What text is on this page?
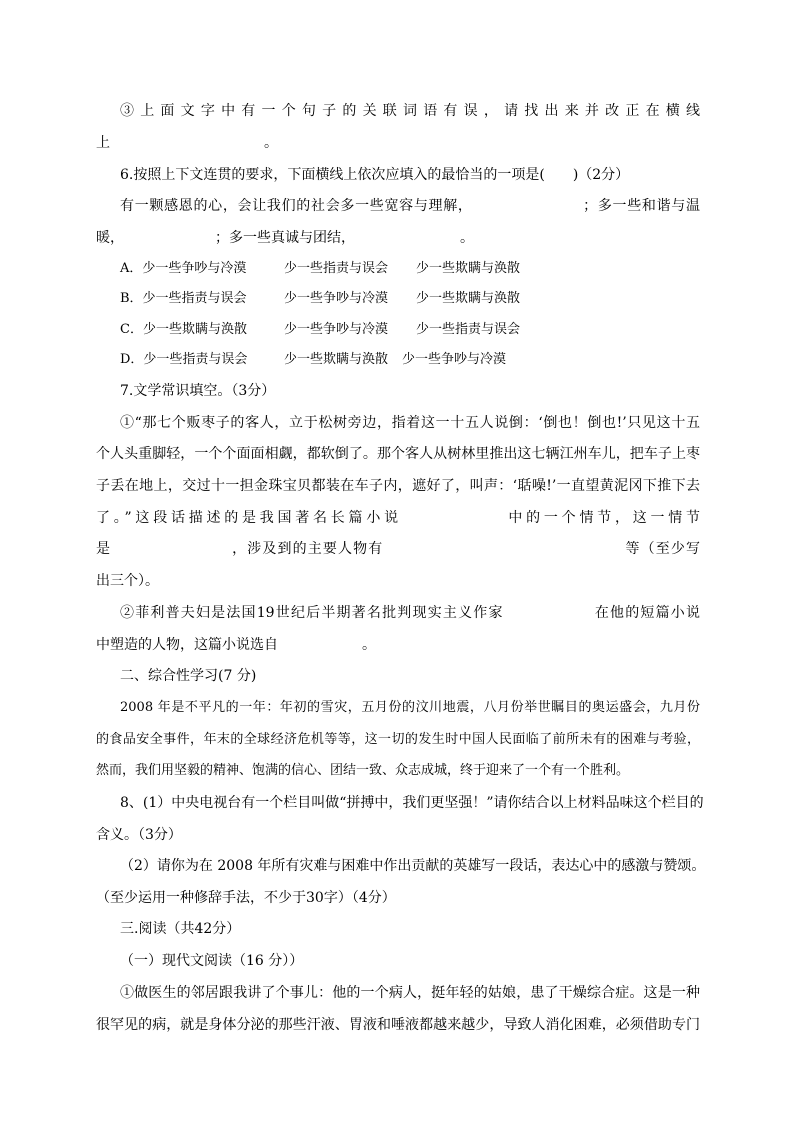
③上面文字中有一个句子的关联词语有误，请找出来并改正在横线
上　　　　　　　　　　　。
6.按照上下文连贯的要求，下面横线上依次应填入的最恰当的一项是(　　)（2分）
有一颗感恩的心，会让我们的社会多一些宽容与理解，　　　　　　　　；多一些和谐与温
暖，　　　　　　　；多一些真诚与团结，　　　　　　　　。
A．少一些争吵与冷漠	少一些指责与误会 少一些欺瞒与涣散
B．少一些指责与误会	少一些争吵与冷漠 少一些欺瞒与涣散
C．少一些欺瞒与涣散	少一些争吵与冷漠 少一些指责与误会
D．少一些指责与误会	少一些欺瞒与涣散 少一些争吵与冷漠
7.文学常识填空。（3分）
①“那七个贩枣子的客人，立于松树旁边，指着这一十五人说倒：‘倒也！倒也!’只见这十五
个人头重脚轻，一个个面面相觑，都软倒了。那个客人从树林里推出这七辆江州车儿，把车子上枣
子丢在地上，交过十一担金珠宝贝都装在车子内，遮好了，叫声：‘聒噪!’一直望黄泥冈下推下去
了。”这段话描述的是我国著名长篇小说　　　　　　中的一个情节，这一情节
是　　　　　　　　，涉及到的主要人物有　　　　　　　　　　　　　　　　等（至少写
出三个）。
②菲利普夫妇是法国19世纪后半期著名批判现实主义作家　　　　　　在他的短篇小说
中塑造的人物，这篇小说选自　　　　　　。
二、综合性学习(7 分)
2008 年是不平凡的一年：年初的雪灾，五月份的汶川地震，八月份举世瞩目的奥运盛会，九月份
的食品安全事件，年末的全球经济危机等等，这一切的发生时中国人民面临了前所未有的困难与考验，
然而，我们用坚毅的精神、饱满的信心、团结一致、众志成城，终于迎来了一个有一个胜利。
8、(1）中央电视台有一个栏目叫做“拼搏中，我们更坚强！”请你结合以上材料品味这个栏目的
含义。（3分）
（2）请你为在 2008 年所有灾难与困难中作出贡献的英雄写一段话，表达心中的感激与赞颂。
（至少运用一种修辞手法，不少于30字）（4分）
三.阅读（共42分）
（一）现代文阅读（16 分））
①做医生的邻居跟我讲了个事儿：他的一个病人，挺年轻的姑娘，患了干燥综合症。这是一种
很罕见的病，就是身体分泌的那些汗液、胃液和唾液都越来越少，导致人消化困难，必须借助专门
